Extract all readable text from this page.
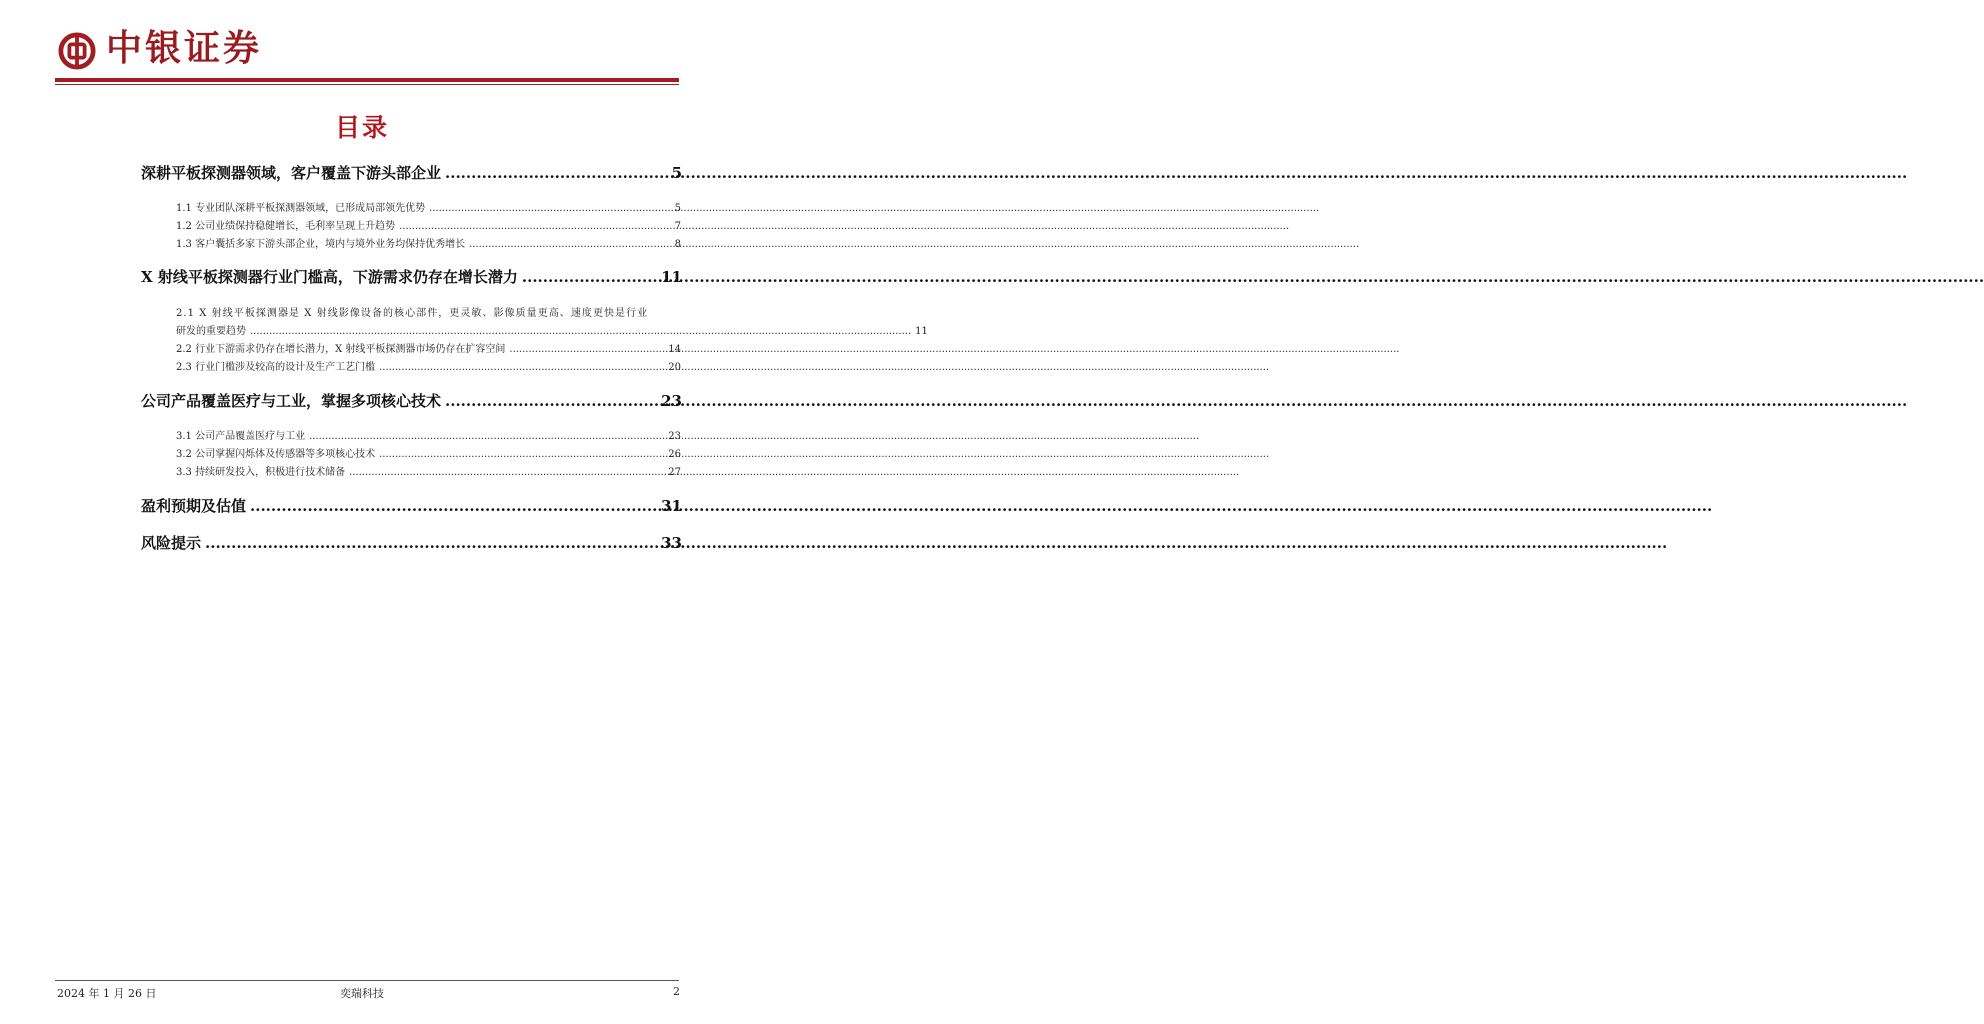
中银证券
目录
深耕平板探测器领域，客户覆盖下游头部企业 .....	5
1.1 专业团队深耕平板探测器领域，已形成局部领先优势 .....	5
1.2 公司业绩保持稳健增长，毛利率呈现上升趋势 .....	7
1.3 客户囊括多家下游头部企业，境内与境外业务均保持优秀增长 .....	8
X 射线平板探测器行业门槛高，下游需求仍存在增长潜力 .....	11
2.1 X 射线平板探测器是 X 射线影像设备的核心部件，更灵敏、影像质量更高、速度更快是行业
研发的重要趋势 ................................................................................................................................................................................................................ 11
2.2 行业下游需求仍存在增长潜力，X 射线平板探测器市场仍存在扩容空间 .....	14
2.3 行业门槛涉及较高的设计及生产工艺门槛 .....	20
公司产品覆盖医疗与工业，掌握多项核心技术 .....	23
3.1 公司产品覆盖医疗与工业 .....	23
3.2 公司掌握闪烁体及传感器等多项核心技术 .....	26
3.3 持续研发投入，积极进行技术储备 .....	27
盈利预期及估值 .....	31
风险提示 .....	33
2024 年 1 月 26 日	奕瑞科技	2
